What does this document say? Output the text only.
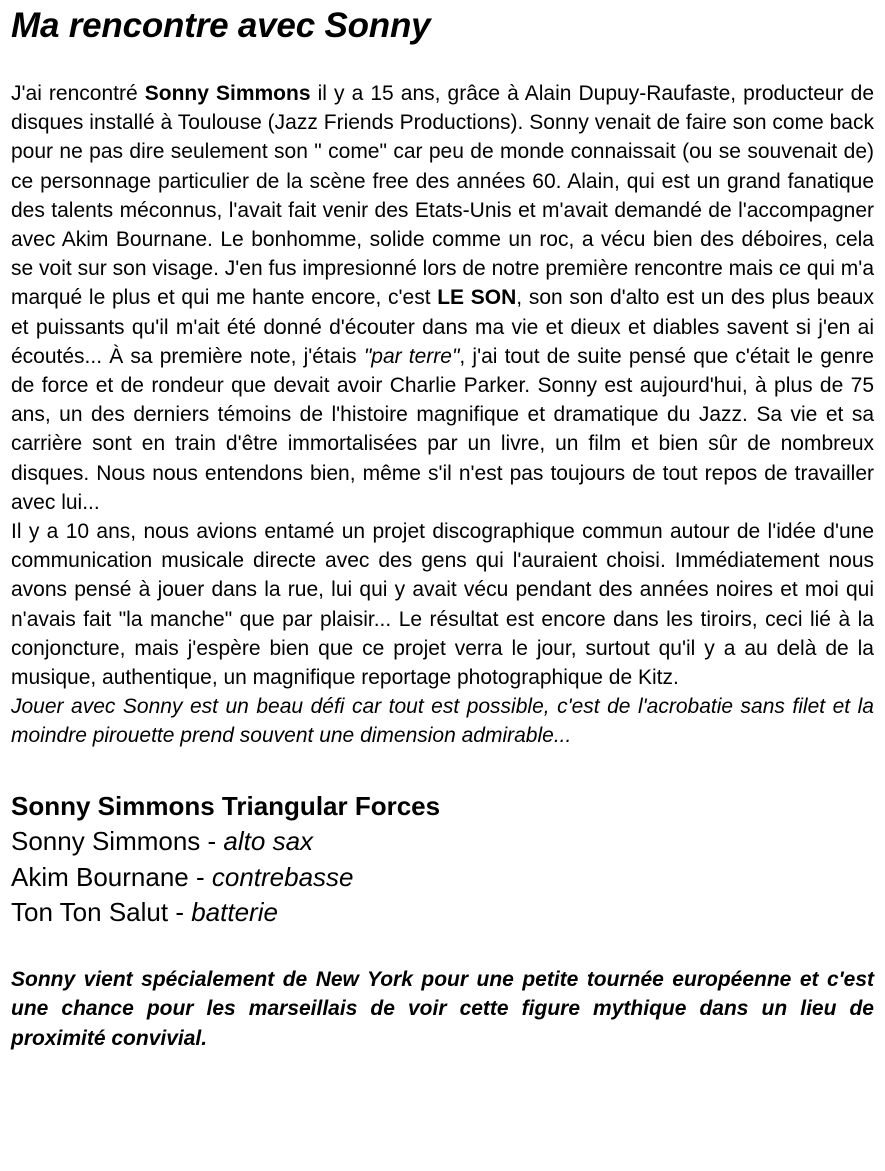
Ma rencontre avec Sonny

J'ai rencontré Sonny Simmons il y a 15 ans, grâce à Alain Dupuy-Raufaste, producteur de disques installé à Toulouse (Jazz Friends Productions). Sonny venait de faire son come back pour ne pas dire seulement son " come" car peu de monde connaissait (ou se souvenait de) ce personnage particulier de la scène free des années 60. Alain, qui est un grand fanatique des talents méconnus, l'avait fait venir des Etats-Unis et m'avait demandé de l'accompagner avec Akim Bournane. Le bonhomme, solide comme un roc, a vécu bien des déboires, cela se voit sur son visage. J'en fus impresionné lors de notre première rencontre mais ce qui m'a marqué le plus et qui me hante encore, c'est LE SON, son son d'alto est un des plus beaux et puissants qu'il m'ait été donné d'écouter dans ma vie et dieux et diables savent si j'en ai écoutés... À sa première note, j'étais "par terre", j'ai tout de suite pensé que c'était le genre de force et de rondeur que devait avoir Charlie Parker. Sonny est aujourd'hui, à plus de 75 ans, un des derniers témoins de l'histoire magnifique et dramatique du Jazz. Sa vie et sa carrière sont en train d'être immortalisées par un livre, un film et bien sûr de nombreux disques. Nous nous entendons bien, même s'il n'est pas toujours de tout repos de travailler avec lui...

Il y a 10 ans, nous avions entamé un projet discographique commun autour de l'idée d'une communication musicale directe avec des gens qui l'auraient choisi. Immédiatement nous avons pensé à jouer dans la rue, lui qui y avait vécu pendant des années noires et moi qui n'avais fait "la manche" que par plaisir... Le résultat est encore dans les tiroirs, ceci lié à la conjoncture, mais j'espère bien que ce projet verra le jour, surtout qu'il y a au delà de la musique, authentique, un magnifique reportage photographique de Kitz.

Jouer avec Sonny est un beau défi car tout est possible, c'est de l'acrobatie sans filet et la moindre pirouette prend souvent une dimension admirable...

Sonny Simmons Triangular Forces
Sonny Simmons - alto sax
Akim Bournane - contrebasse
Ton Ton Salut - batterie

Sonny vient spécialement de New York pour une petite tournée européenne et c'est une chance pour les marseillais de voir cette figure mythique dans un lieu de proximité convivial.
